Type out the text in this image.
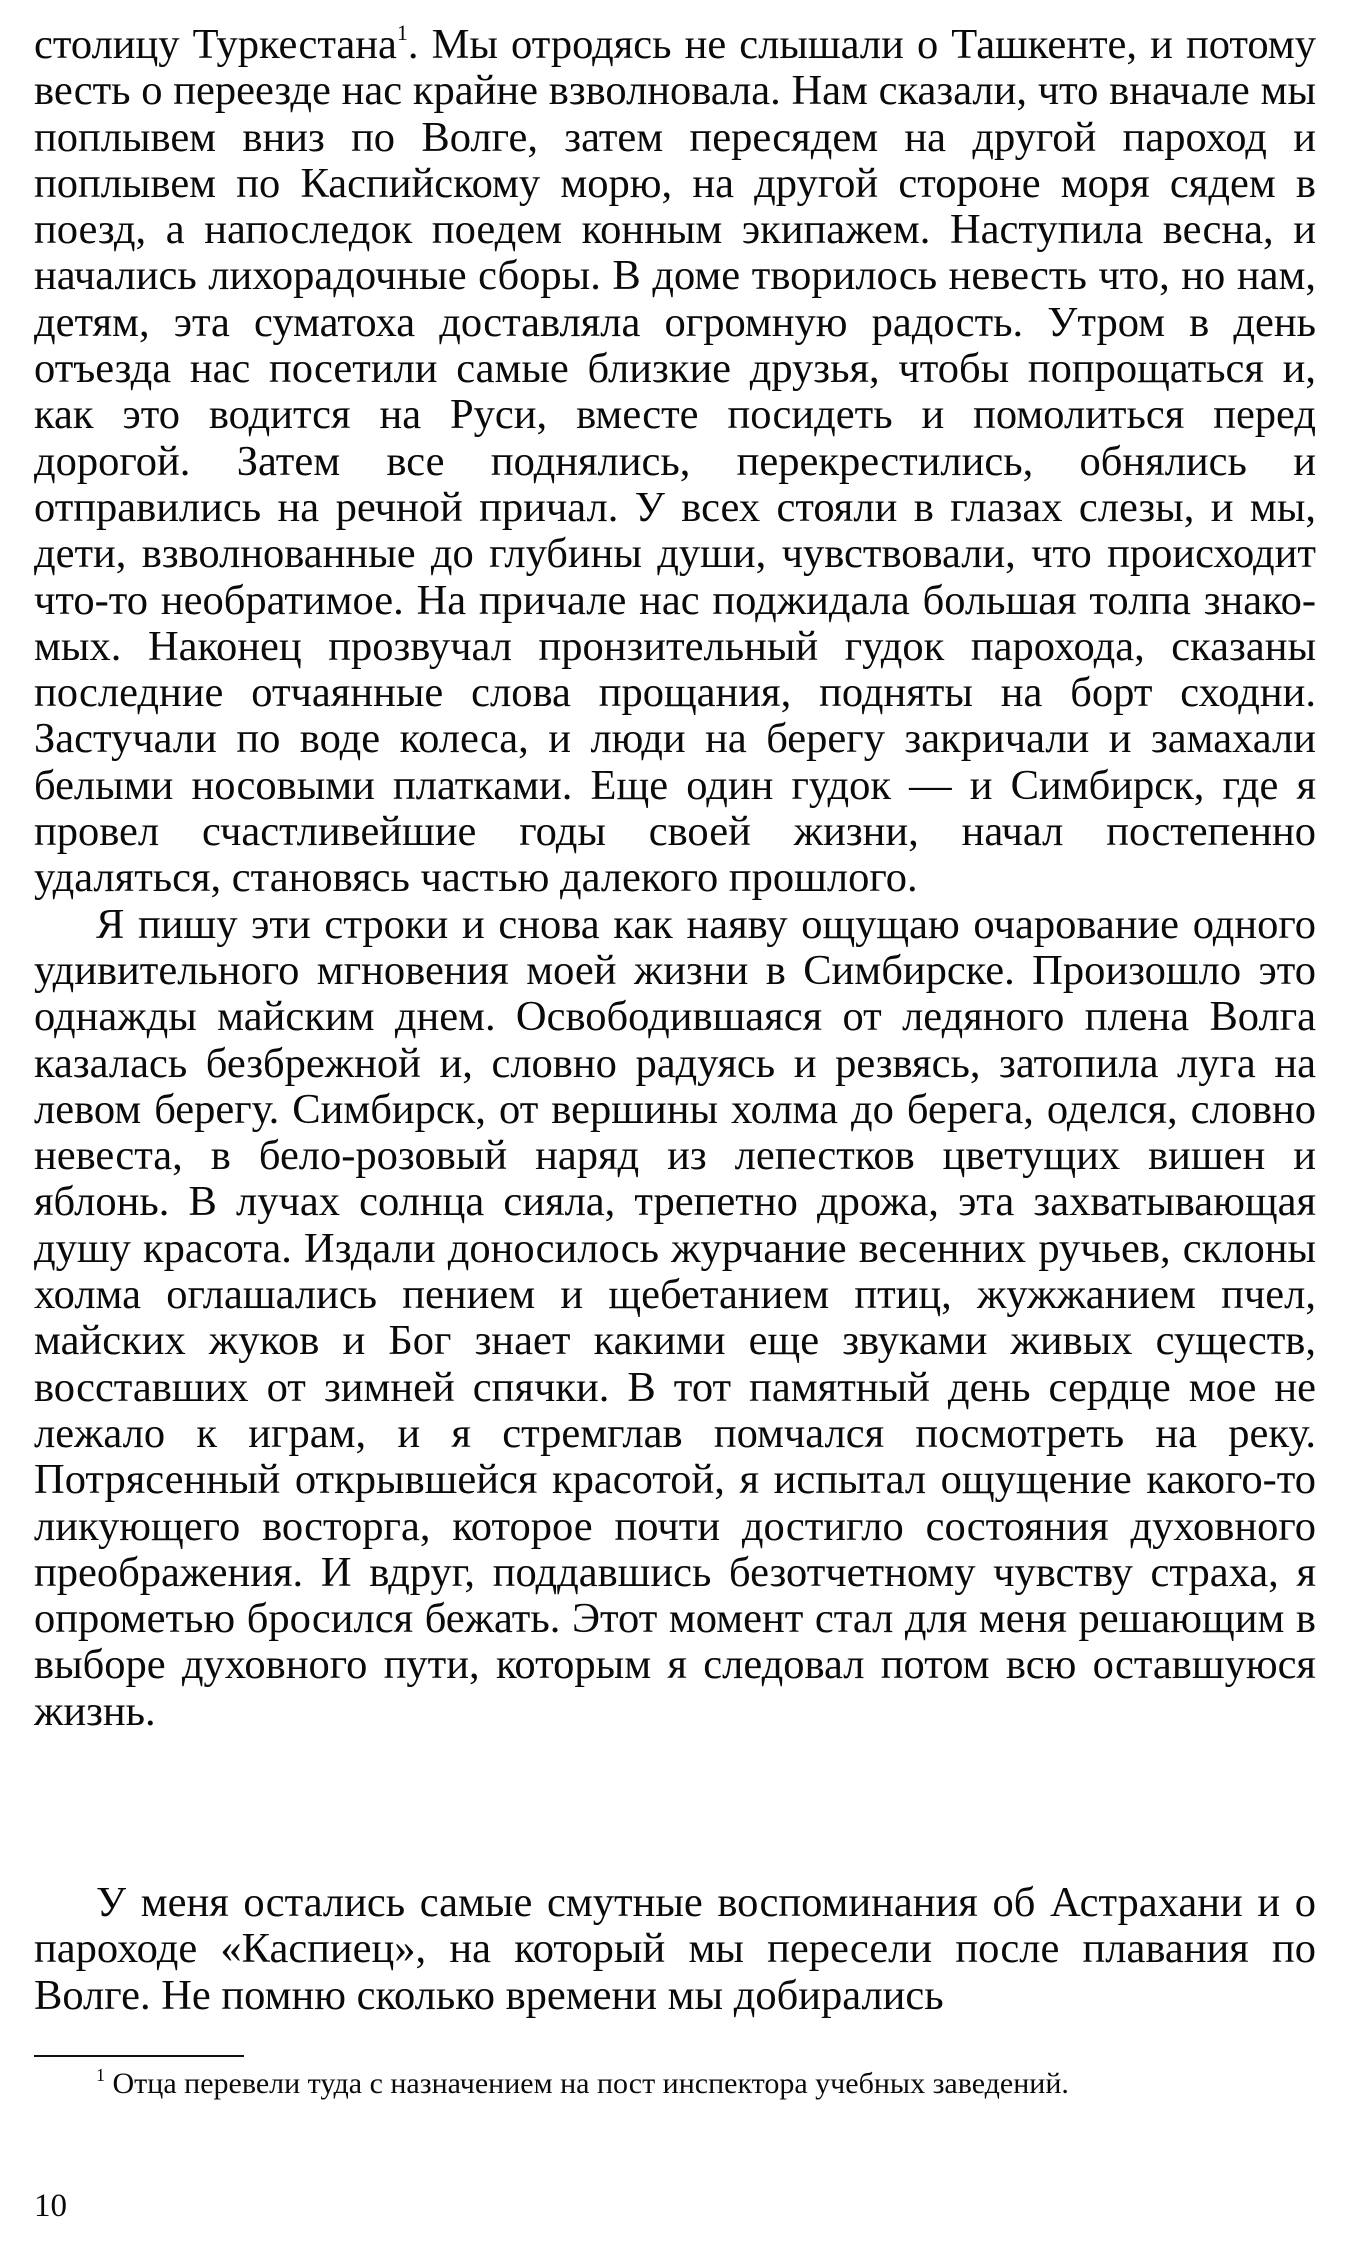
столицу Туркестана$^1$. Мы отродясь не слышали о Ташкенте, и потому весть о переезде нас крайне взволновала. Нам сказали, что вначале мы поплывем вниз по Волге, затем пересядем на другой пароход и поплывем по Каспийскому морю, на другой стороне моря сядем в поезд, а напоследок поедем конным экипажем. Наступила весна, и начались лихорадочные сборы. В доме творилось невесть что, но нам, детям, эта суматоха доставляла огромную радость. Утром в день отъезда нас посетили самые близкие друзья, чтобы попрощаться и, как это водится на Руси, вместе посидеть и помолиться перед дорогой. Затем все поднялись, перекрестились, обнялись и отправились на речной причал. У всех стояли в глазах слезы, и мы, дети, взволнованные до глубины души, чувствовали, что происходит что-то необратимое. На причале нас поджидала большая толпа знакомых. Наконец прозвучал пронзительный гудок парохода, сказаны последние отчаянные слова прощания, подняты на борт сходни. Застучали по воде колеса, и люди на берегу закричали и замахали белыми носовыми платками. Еще один гудок — и Симбирск, где я провел счастливейшие годы своей жизни, начал постепенно удаляться, становясь частью далекого прошлого.

Я пишу эти строки и снова как наяву ощущаю очарование одного удивительного мгновения моей жизни в Симбирске. Произошло это однажды майским днем. Освободившаяся от ледяного плена Волга казалась безбрежной и, словно радуясь и резвясь, затопила луга на левом берегу. Симбирск, от вершины холма до берега, оделся, словно невеста, в бело-розовый наряд из лепестков цветущих вишен и яблонь. В лучах солнца сияла, трепетно дрожа, эта захватывающая душу красота. Издали доносилось журчание весенних ручьев, склоны холма оглашались пением и щебетанием птиц, жужжанием пчел, майских жуков и Бог знает какими еще звуками живых существ, восставших от зимней спячки. В тот памятный день сердце мое не лежало к играм, и я стремглав помчался посмотреть на реку. Потрясенный открывшейся красотой, я испытал ощущение какого-то ликующего восторга, которое почти достигло состояния духовного преображения. И вдруг, поддавшись безотчетному чувству страха, я опрометью бросился бежать. Этот момент стал для меня решающим в выборе духовного пути, которым я следовал потом всю оставшуюся жизнь.

У меня остались самые смутные воспоминания об Астрахани и о пароходе «Каспиец», на который мы пересели после плавания по Волге. Не помню сколько времени мы добирались

$^1$ Отца перевели туда с назначением на пост инспектора учебных заведений.

10
